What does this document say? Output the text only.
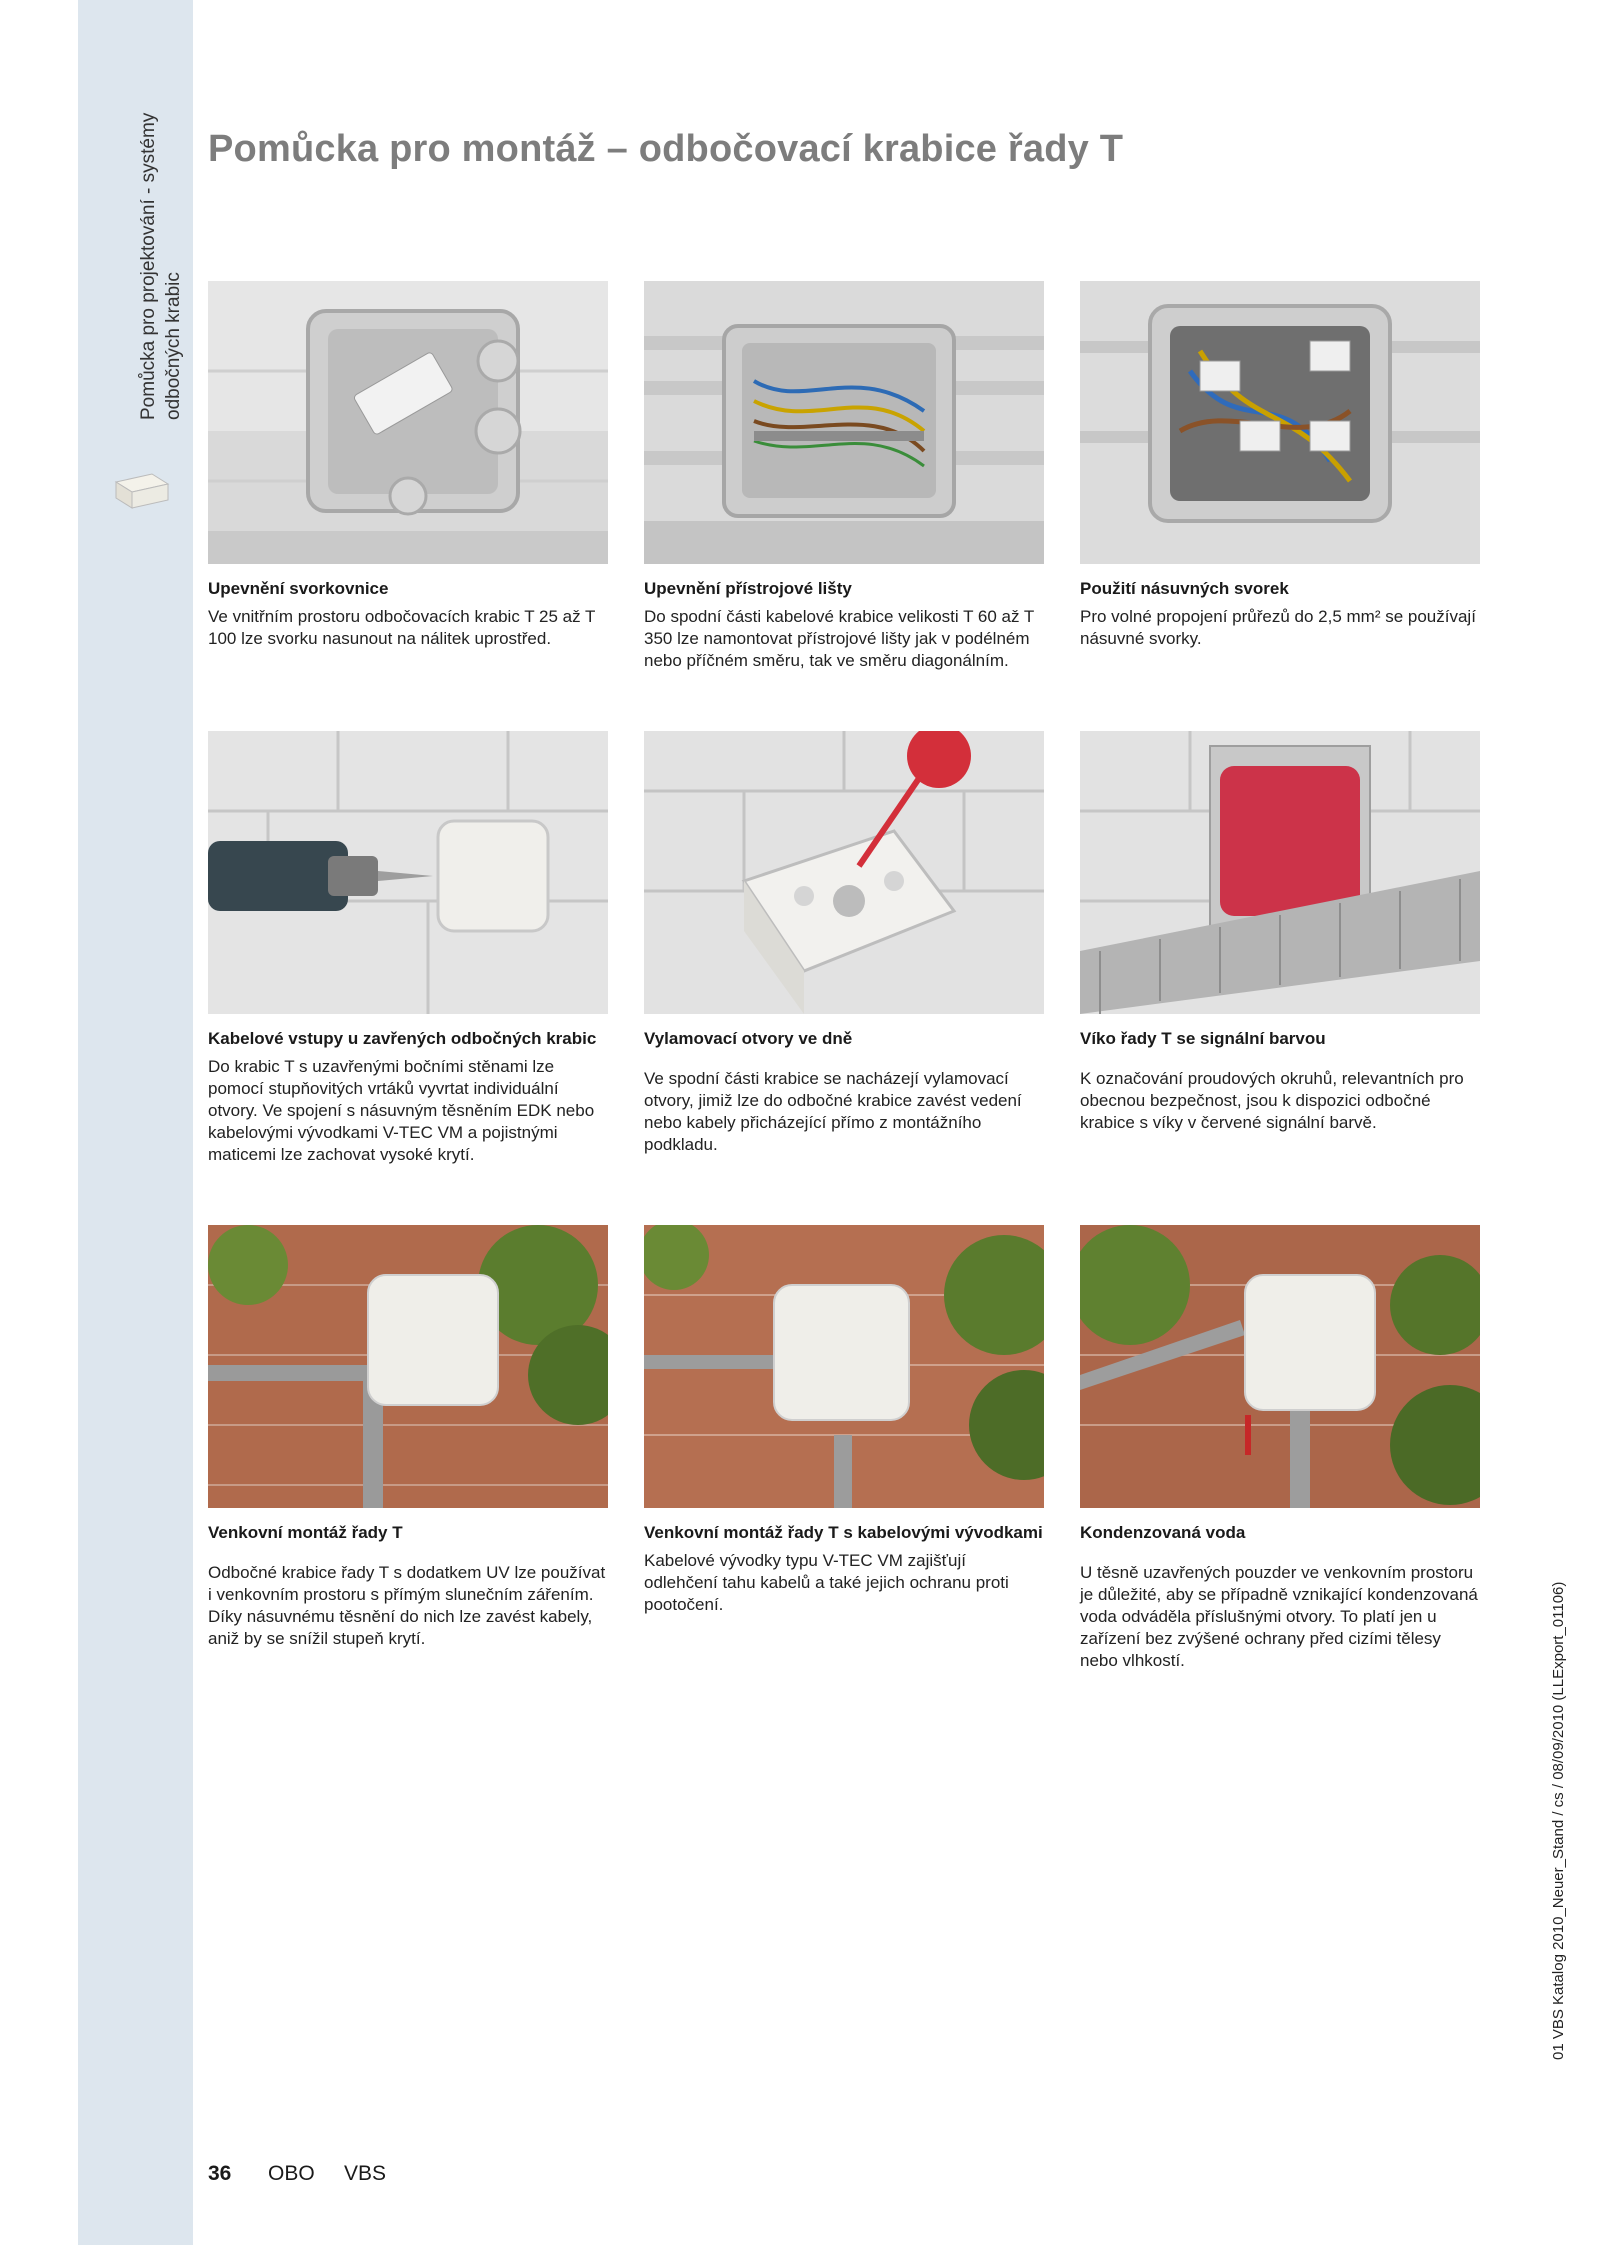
Pomůcka pro projektování - systémy odbočných krabic
Pomůcka pro montáž – odbočovací krabice řady T
Upevnění svorkovnice

Ve vnitřním prostoru odbočovacích krabic T 25 až T 100 lze svorku nasunout na nálitek uprostřed.

Upevnění přístrojové lišty

Do spodní části kabelové krabice velikosti T 60 až T 350 lze namontovat přístrojové lišty jak v podélném nebo příčném směru, tak ve směru diagonálním.

Použití násuvných svorek

Pro volné propojení průřezů do 2,5 mm² se používají násuvné svorky.

Kabelové vstupy u zavřených odbočných krabic

Do krabic T s uzavřenými bočními stěnami lze pomocí stupňovitých vrtáků vyvrtat individuální otvory. Ve spojení s násuvným těsněním EDK nebo kabelovými vývodkami V-TEC VM a pojistnými maticemi lze zachovat vysoké krytí.

Vylamovací otvory ve dně

Ve spodní části krabice se nacházejí vylamovací otvory, jimiž lze do odbočné krabice zavést vedení nebo kabely přicházející přímo z montážního podkladu.

Víko řady T se signální barvou

K označování proudových okruhů, relevantních pro obecnou bezpečnost, jsou k dispozici odbočné krabice s víky v červené signální barvě.

Venkovní montáž řady T

Odbočné krabice řady T s dodatkem UV lze používat i venkovním prostoru s přímým slunečním zářením. Díky násuvnému těsnění do nich lze zavést kabely, aniž by se snížil stupeň krytí.

Venkovní montáž řady T s kabelovými vývodkami

Kabelové vývodky typu V-TEC VM zajišťují odlehčení tahu kabelů a také jejich ochranu proti pootočení.

Kondenzovaná voda

U těsně uzavřených pouzder ve venkovním prostoru je důležité, aby se případně vznikající kondenzovaná voda odváděla příslušnými otvory. To platí jen u zařízení bez zvýšené ochrany před cizími tělesy nebo vlhkostí.

36 OBO VBS
01 VBS Katalog 2010_Neuer_Stand / cs / 08/09/2010 (LLExport_01106)
